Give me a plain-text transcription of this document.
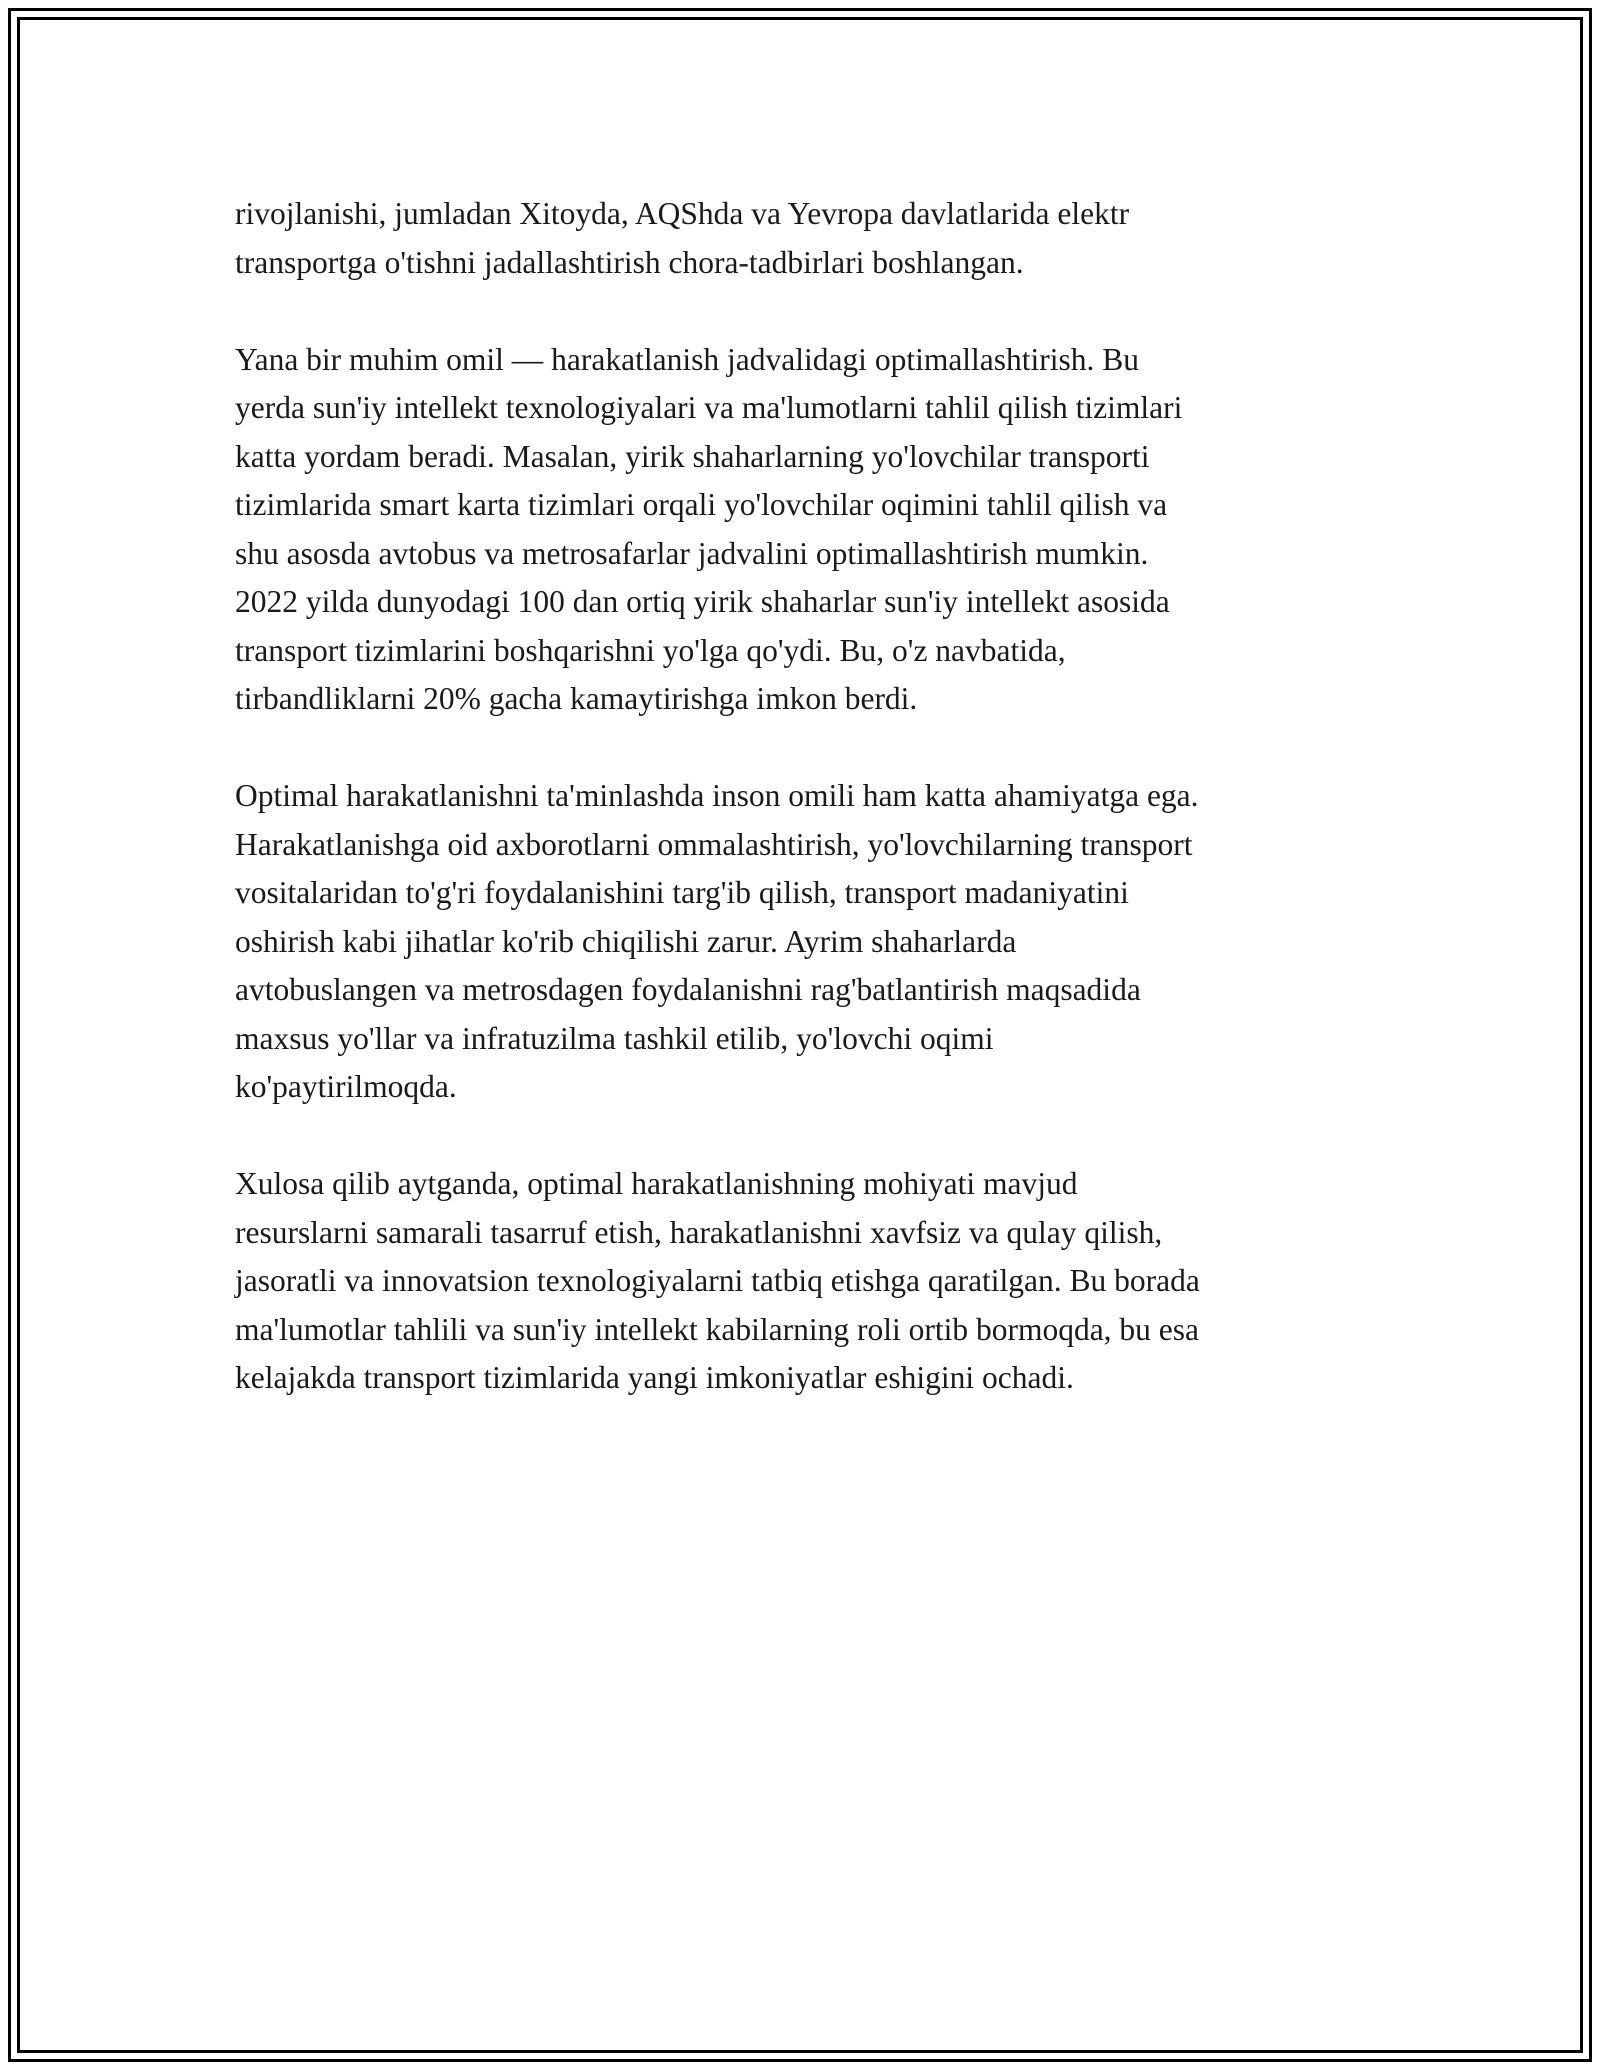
rivojlanishi, jumladan Xitoyda, AQShda va Yevropa davlatlarida elektr
transportga o'tishni jadallashtirish chora-tadbirlari boshlangan.

Yana bir muhim omil — harakatlanish jadvalidagi optimallashtirish. Bu
yerda sun'iy intellekt texnologiyalari va ma'lumotlarni tahlil qilish tizimlari
katta yordam beradi. Masalan, yirik shaharlarning yo'lovchilar transporti
tizimlarida smart karta tizimlari orqali yo'lovchilar oqimini tahlil qilish va
shu asosda avtobus va metrosafarlar jadvalini optimallashtirish mumkin.
2022 yilda dunyodagi 100 dan ortiq yirik shaharlar sun'iy intellekt asosida
transport tizimlarini boshqarishni yo'lga qo'ydi. Bu, o'z navbatida,
tirbandliklarni 20% gacha kamaytirishga imkon berdi.

Optimal harakatlanishni ta'minlashda inson omili ham katta ahamiyatga ega.
Harakatlanishga oid axborotlarni ommalashtirish, yo'lovchilarning transport
vositalaridan to'g'ri foydalanishini targ'ib qilish, transport madaniyatini
oshirish kabi jihatlar ko'rib chiqilishi zarur. Ayrim shaharlarda
avtobuslangen va metrosdagen foydalanishni rag'batlantirish maqsadida
maxsus yo'llar va infratuzilma tashkil etilib, yo'lovchi oqimi
ko'paytirilmoqda.

Xulosa qilib aytganda, optimal harakatlanishning mohiyati mavjud
resurslarni samarali tasarruf etish, harakatlanishni xavfsiz va qulay qilish,
jasoratli va innovatsion texnologiyalarni tatbiq etishga qaratilgan. Bu borada
ma'lumotlar tahlili va sun'iy intellekt kabilarning roli ortib bormoqda, bu esa
kelajakda transport tizimlarida yangi imkoniyatlar eshigini ochadi.
